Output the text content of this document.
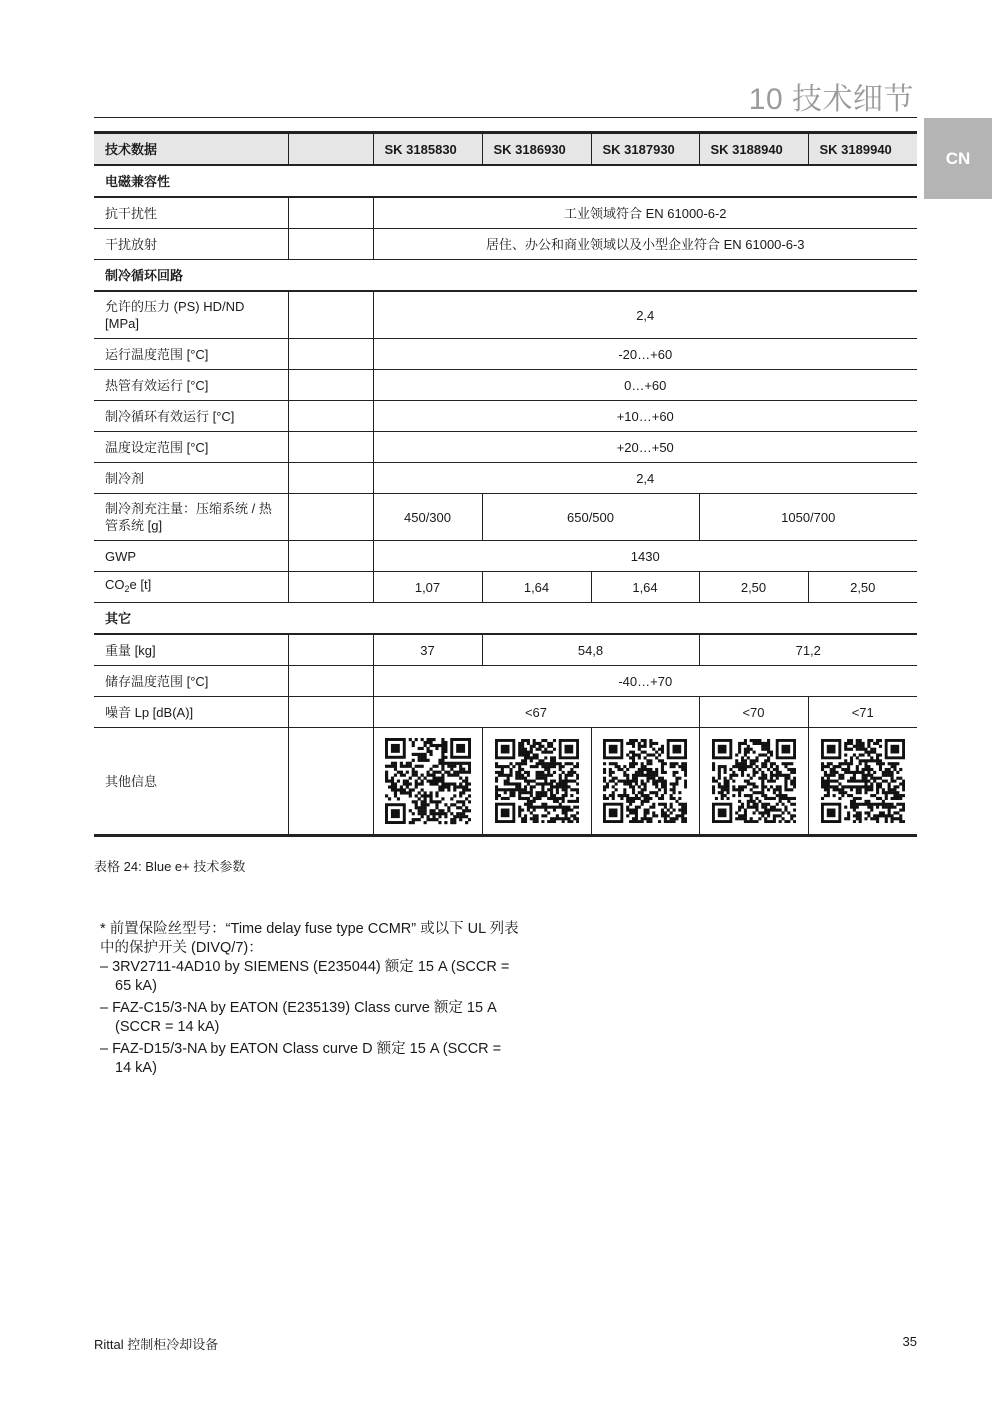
10 技术细节
CN
技术数据		SK 3185830	SK 3186930	SK 3187930	SK 3188940	SK 3189940
电磁兼容性						
抗干扰性		工业领域符合 EN 61000-6-2				
干扰放射		居住、办公和商业领域以及小型企业符合 EN 61000-6-3				
制冷循环回路						
允许的压力 (PS) HD/ND [MPa]		2,4				
运行温度范围 [°C]		-20…+60				
热管有效运行 [°C]		0…+60				
制冷循环有效运行 [°C]		+10…+60				
温度设定范围 [°C]		+20…+50				
制冷剂		2,4				
制冷剂充注量：压缩系统 / 热管系统 [g]		450/300	650/500		1050/700	
GWP		1430				
$CO_2e$ [t]		1,07	1,64	1,64	2,50	2,50
其它						
重量 [kg]		37	54,8		71,2	
储存温度范围 [°C]		-40…+70				
噪音 Lp [dB(A)]		<67			<70	<71
其他信息		

表格 24: Blue e+ 技术参数

* 前置保险丝型号：“Time delay fuse type CCMR” 或以下 UL 列表中的保护开关 (DIVQ/7)：

– 3RV2711-4AD10 by SIEMENS (E235044) 额定 15 A (SCCR = 65 kA)
– FAZ-C15/3-NA by EATON (E235139) Class curve 额定 15 A (SCCR = 14 kA)
– FAZ-D15/3-NA by EATON Class curve D 额定 15 A (SCCR = 14 kA)
Rittal 控制柜冷却设备	35
